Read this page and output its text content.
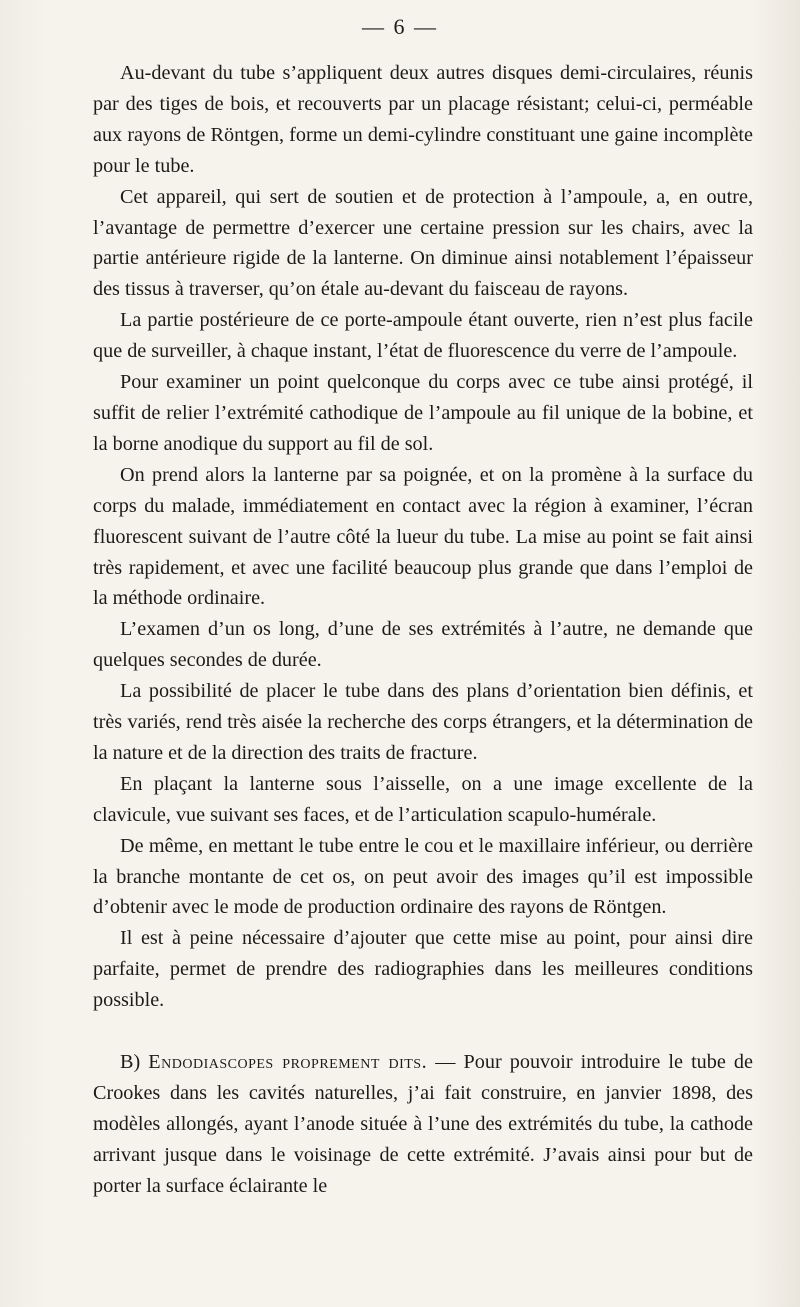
— 6 —

Au-devant du tube s’appliquent deux autres disques demi-circulaires, réunis par des tiges de bois, et recouverts par un placage résistant; celui-ci, perméable aux rayons de Röntgen, forme un demi-cylindre constituant une gaine incomplète pour le tube.

Cet appareil, qui sert de soutien et de protection à l’ampoule, a, en outre, l’avantage de permettre d’exercer une certaine pression sur les chairs, avec la partie antérieure rigide de la lanterne. On diminue ainsi notablement l’épaisseur des tissus à traverser, qu’on étale au-devant du faisceau de rayons.

La partie postérieure de ce porte-ampoule étant ouverte, rien n’est plus facile que de surveiller, à chaque instant, l’état de fluorescence du verre de l’ampoule.

Pour examiner un point quelconque du corps avec ce tube ainsi protégé, il suffit de relier l’extrémité cathodique de l’ampoule au fil unique de la bobine, et la borne anodique du support au fil de sol.

On prend alors la lanterne par sa poignée, et on la promène à la surface du corps du malade, immédiatement en contact avec la région à examiner, l’écran fluorescent suivant de l’autre côté la lueur du tube. La mise au point se fait ainsi très rapidement, et avec une facilité beaucoup plus grande que dans l’emploi de la méthode ordinaire.

L’examen d’un os long, d’une de ses extrémités à l’autre, ne demande que quelques secondes de durée.

La possibilité de placer le tube dans des plans d’orientation bien définis, et très variés, rend très aisée la recherche des corps étrangers, et la détermination de la nature et de la direction des traits de fracture.

En plaçant la lanterne sous l’aisselle, on a une image excellente de la clavicule, vue suivant ses faces, et de l’articulation scapulo-humérale.

De même, en mettant le tube entre le cou et le maxillaire inférieur, ou derrière la branche montante de cet os, on peut avoir des images qu’il est impossible d’obtenir avec le mode de production ordinaire des rayons de Röntgen.

Il est à peine nécessaire d’ajouter que cette mise au point, pour ainsi dire parfaite, permet de prendre des radiographies dans les meilleures conditions possible.

B) Endodiascopes proprement dits. — Pour pouvoir introduire le tube de Crookes dans les cavités naturelles, j’ai fait construire, en janvier 1898, des modèles allongés, ayant l’anode située à l’une des extrémités du tube, la cathode arrivant jusque dans le voisinage de cette extrémité. J’avais ainsi pour but de porter la surface éclairante le
